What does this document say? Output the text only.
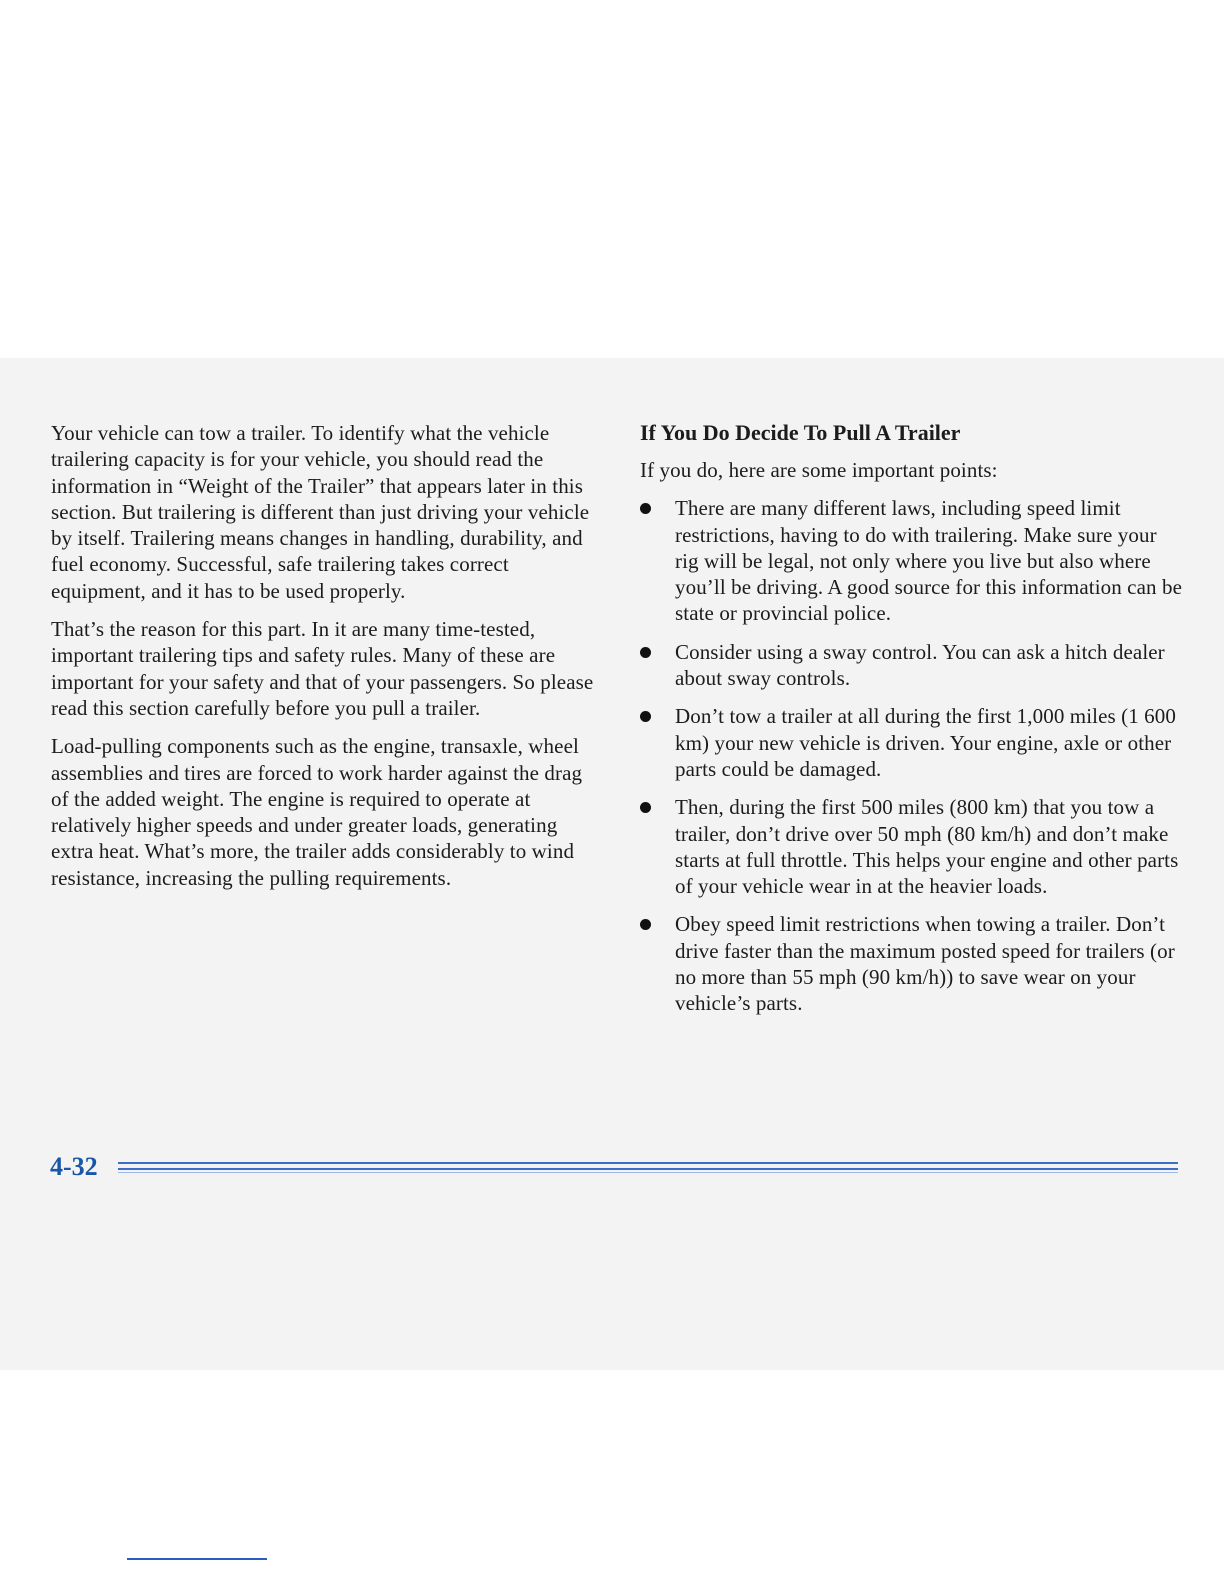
Your vehicle can tow a trailer. To identify what the vehicle trailering capacity is for your vehicle, you should read the information in “Weight of the Trailer” that appears later in this section. But trailering is different than just driving your vehicle by itself. Trailering means changes in handling, durability, and fuel economy. Successful, safe trailering takes correct equipment, and it has to be used properly.

That’s the reason for this part. In it are many time-tested, important trailering tips and safety rules. Many of these are important for your safety and that of your passengers. So please read this section carefully before you pull a trailer.

Load-pulling components such as the engine, transaxle, wheel assemblies and tires are forced to work harder against the drag of the added weight. The engine is required to operate at relatively higher speeds and under greater loads, generating extra heat. What’s more, the trailer adds considerably to wind resistance, increasing the pulling requirements.

If You Do Decide To Pull A Trailer

If you do, here are some important points:

There are many different laws, including speed limit restrictions, having to do with trailering. Make sure your rig will be legal, not only where you live but also where you’ll be driving. A good source for this information can be state or provincial police.
Consider using a sway control. You can ask a hitch dealer about sway controls.
Don’t tow a trailer at all during the first 1,000 miles (1 600 km) your new vehicle is driven. Your engine, axle or other parts could be damaged.
Then, during the first 500 miles (800 km) that you tow a trailer, don’t drive over 50 mph (80 km/h) and don’t make starts at full throttle. This helps your engine and other parts of your vehicle wear in at the heavier loads.
Obey speed limit restrictions when towing a trailer. Don’t drive faster than the maximum posted speed for trailers (or no more than 55 mph (90 km/h)) to save wear on your vehicle’s parts.
4-32
